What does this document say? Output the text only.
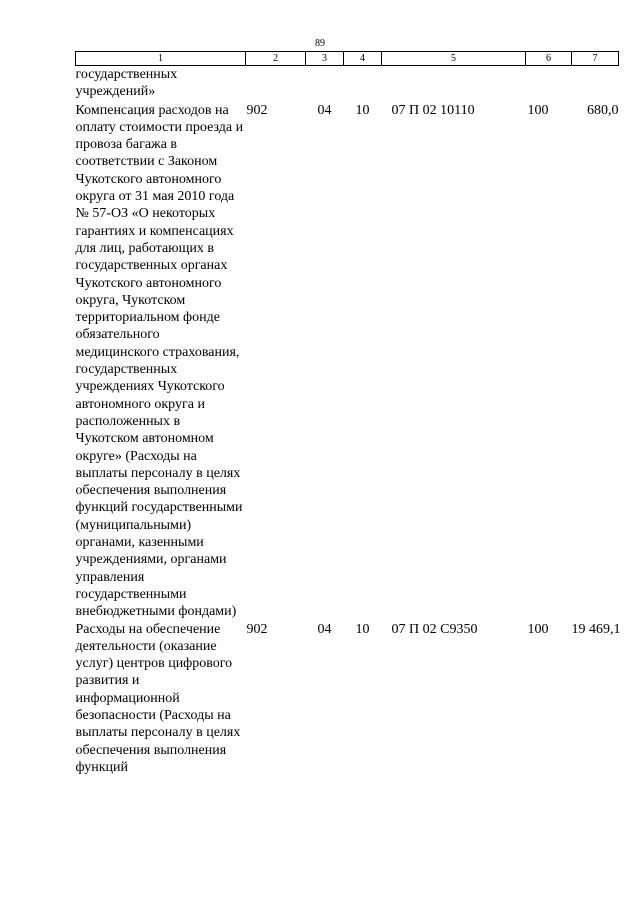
89
1	2	3	4	5	6	7
государственных учреждений»						
Компенсация расходов на оплату стоимости проезда и провоза багажа в соответствии с Законом Чукотского автономного округа от 31 мая 2010 года № 57-ОЗ «О некоторых гарантиях и компенсациях для лиц, работающих в государственных органах Чукотского автономного округа, Чукотском территориальном фонде обязательного медицинского страхования, государственных учреждениях Чукотского автономного округа и расположенных в Чукотском автономном округе» (Расходы на выплаты персоналу в целях обеспечения выполнения функций государственными (муниципальными) органами, казенными учреждениями, органами управления государственными внебюджетными фондами)	902	04	10	07 П 02 10110	100	680,0
Расходы на обеспечение деятельности (оказание услуг) центров цифрового развития и информационной безопасности (Расходы на выплаты персоналу в целях обеспечения выполнения функций	902	04	10	07 П 02 С9350	100	19 469,1
